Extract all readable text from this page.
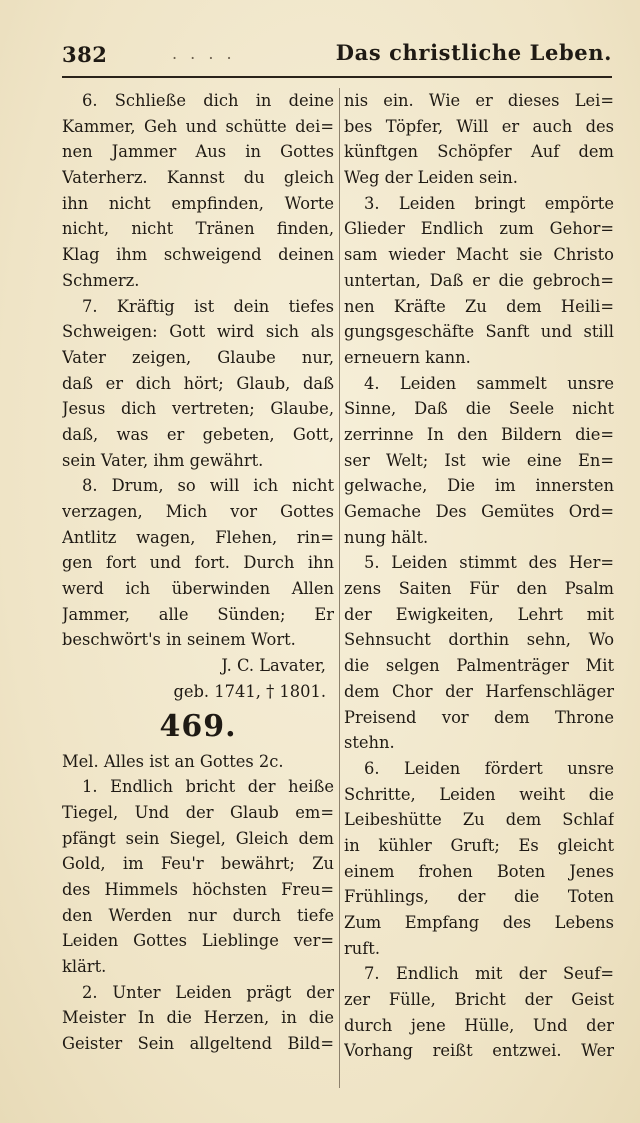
382	. . . .	Das christliche Leben.
6. Schließe dich in deine
Kammer, Geh und schütte dei=
nen Jammer Aus in Gottes
Vaterherz. Kannst du gleich
ihn nicht empfinden, Worte
nicht, nicht Tränen finden,
Klag ihm schweigend deinen
Schmerz.
7. Kräftig ist dein tiefes
Schweigen: Gott wird sich als
Vater zeigen, Glaube nur,
daß er dich hört; Glaub, daß
Jesus dich vertreten; Glaube,
daß, was er gebeten, Gott,
sein Vater, ihm gewährt.
8. Drum, so will ich nicht
verzagen, Mich vor Gottes
Antlitz wagen, Flehen, rin=
gen fort und fort. Durch ihn
werd ich überwinden Allen
Jammer, alle Sünden; Er
beschwört's in seinem Wort.
J. C. Lavater,
geb. 1741, † 1801.
469.
Mel. Alles ist an Gottes 2c.
1. Endlich bricht der heiße
Tiegel, Und der Glaub em=
pfängt sein Siegel, Gleich dem
Gold, im Feu'r bewährt; Zu
des Himmels höchsten Freu=
den Werden nur durch tiefe
Leiden Gottes Lieblinge ver=
klärt.
2. Unter Leiden prägt der
Meister In die Herzen, in die
Geister Sein allgeltend Bild=
nis ein. Wie er dieses Lei=
bes Töpfer, Will er auch des
künftgen Schöpfer Auf dem
Weg der Leiden sein.
3. Leiden bringt empörte
Glieder Endlich zum Gehor=
sam wieder Macht sie Christo
untertan, Daß er die gebroch=
nen Kräfte Zu dem Heili=
gungsgeschäfte Sanft und still
erneuern kann.
4. Leiden sammelt unsre
Sinne, Daß die Seele nicht
zerrinne In den Bildern die=
ser Welt; Ist wie eine En=
gelwache, Die im innersten
Gemache Des Gemütes Ord=
nung hält.
5. Leiden stimmt des Her=
zens Saiten Für den Psalm
der Ewigkeiten, Lehrt mit
Sehnsucht dorthin sehn, Wo
die selgen Palmenträger Mit
dem Chor der Harfenschläger
Preisend vor dem Throne
stehn.
6. Leiden fördert unsre
Schritte, Leiden weiht die
Leibeshütte Zu dem Schlaf
in kühler Gruft; Es gleicht
einem frohen Boten Jenes
Frühlings, der die Toten
Zum Empfang des Lebens
ruft.
7. Endlich mit der Seuf=
zer Fülle, Bricht der Geist
durch jene Hülle, Und der
Vorhang reißt entzwei. Wer
